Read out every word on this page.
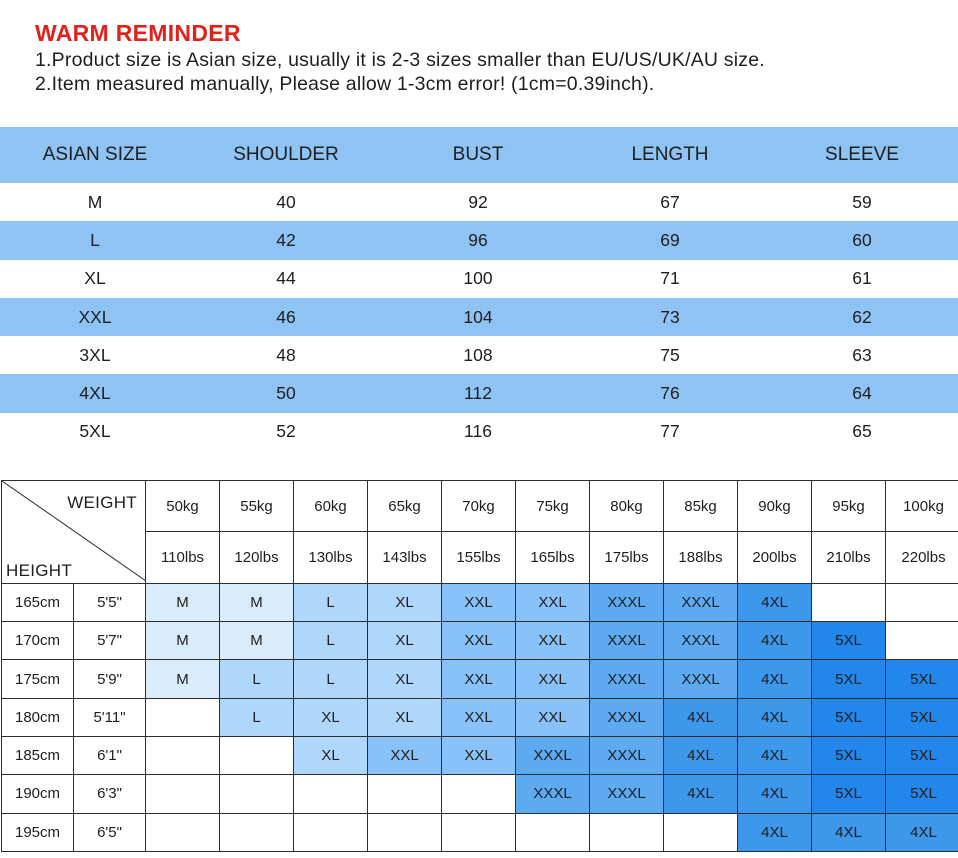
WARM REMINDER
1.Product size is Asian size, usually it is 2-3 sizes smaller than EU/US/UK/AU size.
2.Item measured manually, Please allow 1-3cm error! (1cm=0.39inch).
ASIAN SIZE	SHOULDER	BUST	LENGTH	SLEEVE
M	40	92	67	59
L	42	96	69	60
XL	44	100	71	61
XXL	46	104	73	62
3XL	48	108	75	63
4XL	50	112	76	64
5XL	52	116	77	65
WEIGHT
HEIGHT		50kg	55kg	60kg	65kg	70kg	75kg	80kg	85kg	90kg	95kg	100kg
		110lbs	120lbs	130lbs	143lbs	155lbs	165lbs	175lbs	188lbs	200lbs	210lbs	220lbs
165cm	5'5"	M	M	L	XL	XXL	XXL	XXXL	XXXL	4XL		
170cm	5'7"	M	M	L	XL	XXL	XXL	XXXL	XXXL	4XL	5XL	
175cm	5'9"	M	L	L	XL	XXL	XXL	XXXL	XXXL	4XL	5XL	5XL
180cm	5'11"		L	XL	XL	XXL	XXL	XXXL	4XL	4XL	5XL	5XL
185cm	6'1"			XL	XXL	XXL	XXXL	XXXL	4XL	4XL	5XL	5XL
190cm	6'3"						XXXL	XXXL	4XL	4XL	5XL	5XL
195cm	6'5"									4XL	4XL	4XL
